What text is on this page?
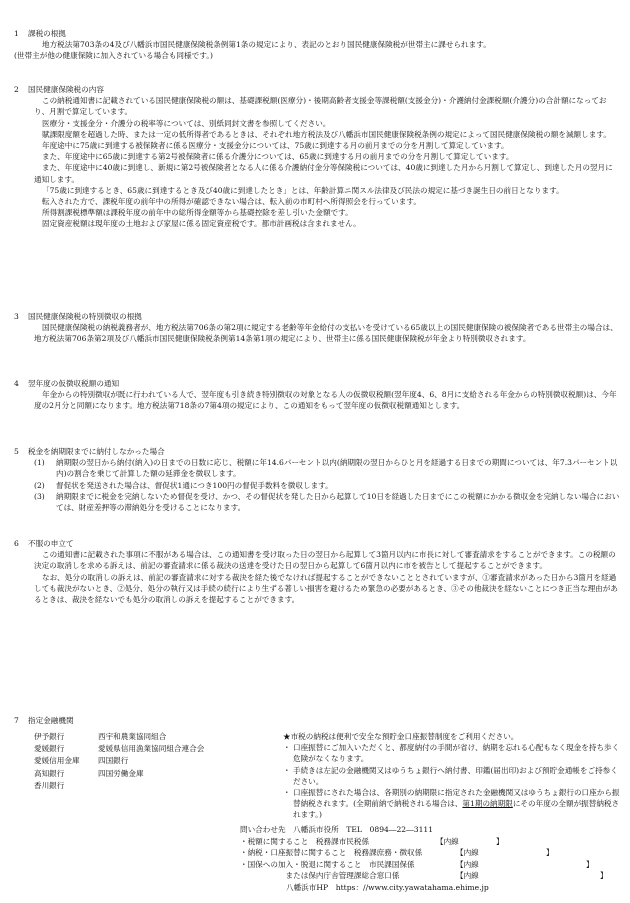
1 課税の根拠

地方税法第703条の4及び八幡浜市国民健康保険税条例第1条の規定により、表記のとおり国民健康保険税が世帯主に課せられます。

(世帯主が他の健康保険に加入されている場合も同様です。)

2 国民健康保険税の内容

この納税通知書に記載されている国民健康保険税の額は、基礎課税額(医療分)・後期高齢者支援金等課税額(支援金分)・介護納付金課税額(介護分)の合計額になっており、月割で算定しています。

医療分・支援金分・介護分の税率等については、別紙同封文書を参照してください。

賦課限度額を超過した時、または一定の低所得者であるときは、それぞれ地方税法及び八幡浜市国民健康保険税条例の規定によって国民健康保険税の額を減額します。

年度途中に75歳に到達する被保険者に係る医療分・支援金分については、75歳に到達する月の前月までの分を月割して算定しています。

また、年度途中に65歳に到達する第2号被保険者に係る介護分については、65歳に到達する月の前月までの分を月割して算定しています。

また、年度途中に40歳に到達し、新規に第2号被保険者となる人に係る介護納付金分等保険税については、40歳に到達した月から月割して算定し、到達した月の翌月に通知します。

「75歳に到達するとき、65歳に到達するとき及び40歳に到達したとき」とは、年齢計算ニ関スル法律及び民法の規定に基づき誕生日の前日となります。

転入された方で、課税年度の前年中の所得が確認できない場合は、転入前の市町村へ所得照会を行っています。

所得割課税標準額は課税年度の前年中の総所得金額等から基礎控除を差し引いた金額です。

固定資産税額は現年度の土地および家屋に係る固定資産税です。都市計画税は含まれません。

3 国民健康保険税の特別徴収の根拠

国民健康保険税の納税義務者が、地方税法第706条の第2項に規定する老齢等年金給付の支払いを受けている65歳以上の国民健康保険の被保険者である世帯主の場合は、地方税法第706条第2項及び八幡浜市国民健康保険税条例第14条第1項の規定により、世帯主に係る国民健康保険税が年金より特別徴収されます。

4 翌年度の仮徴収税額の通知

年金からの特別徴収が既に行われている人で、翌年度も引き続き特別徴収の対象となる人の仮徴収税額(翌年度4、6、8月に支給される年金からの特別徴収税額)は、今年度の2月分と同額になります。地方税法第718条の7第4項の規定により、この通知をもって翌年度の仮徴収税額通知とします。

5 税金を納期限までに納付しなかった場合

(1)	納期限の翌日から納付(納入)の日までの日数に応じ、税額に年14.6パーセント以内(納期限の翌日からひと月を経過する日までの期間については、年7.3パーセント以内)の割合を乗じて計算した額の延滞金を徴収します。
(2)	督促状を発送された場合は、督促状1通につき100円の督促手数料を徴収します。
(3)	納期限までに税金を完納しないため督促を受け、かつ、その督促状を発した日から起算して10日を経過した日までにこの税額にかかる徴収金を完納しない場合においては、財産差押等の滞納処分を受けることになります。

6 不服の申立て

この通知書に記載された事項に不服がある場合は、この通知書を受け取った日の翌日から起算して3箇月以内に市長に対して審査請求をすることができます。この税額の決定の取消しを求める訴えは、前記の審査請求に係る裁決の送達を受けた日の翌日から起算して6箇月以内に市を被告として提起することができます。

なお、処分の取消しの訴えは、前記の審査請求に対する裁決を経た後でなければ提起することができないこととされていますが、①審査請求があった日から3箇月を経過しても裁決がないとき、②処分、処分の執行又は手続の続行により生ずる著しい損害を避けるため緊急の必要があるとき、③その他裁決を経ないことにつき正当な理由があるときは、裁決を経ないでも処分の取消しの訴えを提起することができます。

7 指定金融機関

伊予銀行	西宇和農業協同組合
愛媛銀行	愛媛県信用漁業協同組合連合会
愛媛信用金庫	四国銀行
高知銀行	四国労働金庫
香川銀行

★市税の納税は便利で安全な預貯金口座振替制度をご利用ください。

・ 口座振替にご加入いただくと、都度納付の手間が省け、納期を忘れる心配もなく現金を持ち歩く危険がなくなります。
・ 手続きは左記の金融機関又はゆうちょ銀行へ納付書、印鑑(届出印)および預貯金通帳をご持参ください。
・ 口座振替にされた場合は、各期別の納期限に指定された金融機関又はゆうちょ銀行の口座から振替納税されます。(全期前納で納税される場合は、第1期の納期限にその年度の全額が振替納税されます。)
問い合わせ先　八幡浜市役所　TEL　0894―22―3111
・税額に関すること　税務課市民税係	【内線	】
・納税・口座振替に関すること　税務課庶務・徴収係	【内線	】
・国保への加入・脱退に関すること　市民課国保係	【内線	】
　　　　　　または保内庁舎管理課総合窓口係	【内線	】
八幡浜市HP　https：//www.city.yawatahama.ehime.jp
